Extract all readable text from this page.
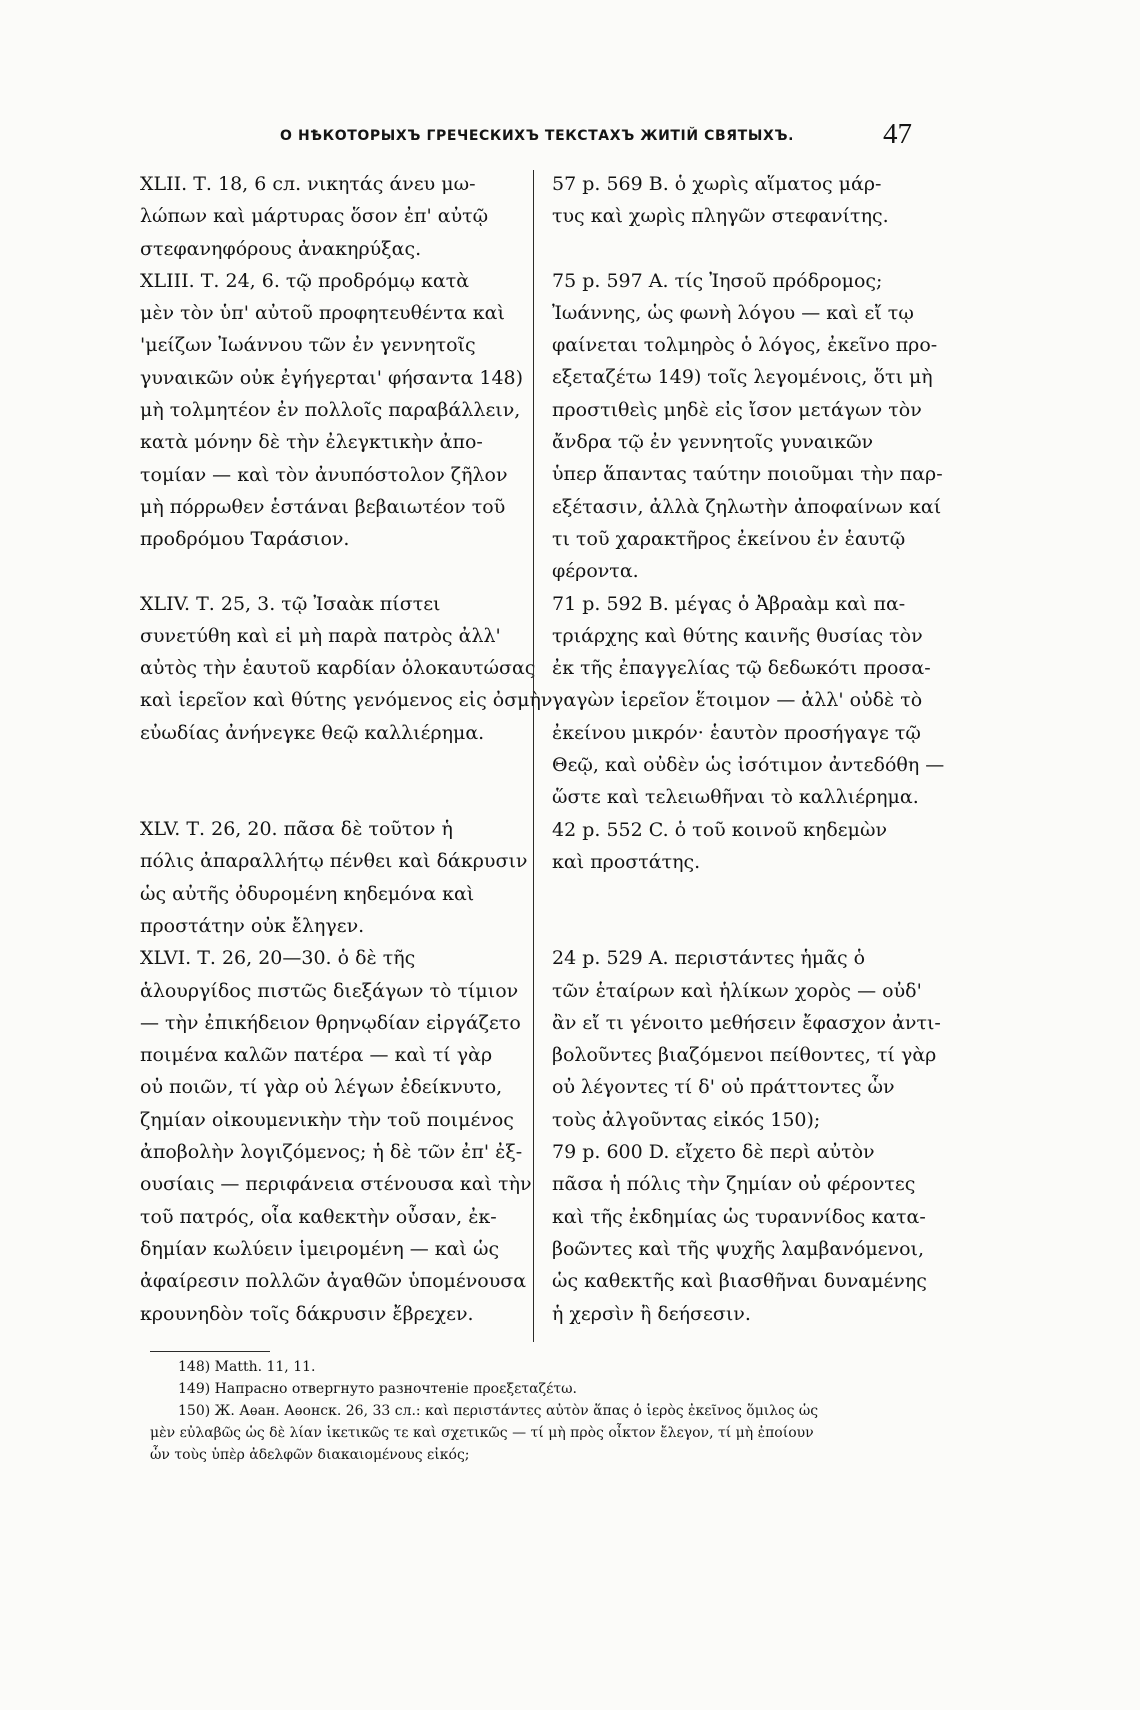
О НѢКОТОРЫХЪ ГРЕЧЕСКИХЪ ТЕКСТАХЪ ЖИТІЙ СВЯТЫХЪ.	47
XLII. Т. 18, 6 сл. νικητάς άνευ μω-
λώπων καὶ μάρτυρας ὅσον ἐπ' αὐτῷ
στεφανηφόρους ἀνακηρύξας.
XLIII. Т. 24, 6. τῷ προδρόμῳ κατὰ
μὲν τὸν ὑπ' αὐτοῦ προφητευθέντα καὶ
'μείζων Ἰωάννου τῶν ἐν γεννητοῖς
γυναικῶν οὐκ ἐγήγερται' φήσαντα 148)
μὴ τολμητέον ἐν πολλοῖς παραβάλλειν,
κατὰ μόνην δὲ τὴν ἐλεγκτικὴν ἀπο-
τομίαν — καὶ τὸν ἀνυπόστολον ζῆλον
μὴ πόρρωθεν ἑστάναι βεβαιωτέον τοῦ
προδρόμου Ταράσιον.
XLIV. Т. 25, 3. τῷ Ἰσαὰκ πίστει
συνετύθη καὶ εἰ μὴ παρὰ πατρὸς ἀλλ'
αὐτὸς τὴν ἑαυτοῦ καρδίαν ὁλοκαυτώσας
καὶ ἱερεῖον καὶ θύτης γενόμενος εἰς ὀσμὴν
εὐωδίας ἀνήνεγκε θεῷ καλλιέρημα.
XLV. Т. 26, 20. πᾶσα δὲ τοῦτον ἡ
πόλις ἀπαραλλήτῳ πένθει καὶ δάκρυσιν
ὡς αὐτῆς ὀδυρομένη κηδεμόνα καὶ
προστάτην οὐκ ἔληγεν.
XLVI. Т. 26, 20—30. ὁ δὲ τῆς
ἁλουργίδος πιστῶς διεξάγων τὸ τίμιον
— τὴν ἐπικήδειον θρηνῳδίαν εἰργάζετο
ποιμένα καλῶν πατέρα — καὶ τί γὰρ
οὐ ποιῶν, τί γὰρ οὐ λέγων ἐδείκνυτο,
ζημίαν οἰκουμενικὴν τὴν τοῦ ποιμένος
ἀποβολὴν λογιζόμενος; ἡ δὲ τῶν ἐπ' ἐξ-
ουσίαις — περιφάνεια στένουσα καὶ τὴν
τοῦ πατρός, οἷα καθεκτὴν οὖσαν, ἐκ-
δημίαν κωλύειν ἱμειρομένη — καὶ ὡς
ἀφαίρεσιν πολλῶν ἀγαθῶν ὑπομένουσα
κρουνηδὸν τοῖς δάκρυσιν ἔβρεχεν.
57 p. 569 B. ὁ χωρὶς αἵματος μάρ-
τυς καὶ χωρὶς πληγῶν στεφανίτης.
75 p. 597 A. τίς Ἰησοῦ πρόδρομος;
Ἰωάννης, ὡς φωνὴ λόγου — καὶ εἴ τῳ
φαίνεται τολμηρὸς ὁ λόγος, ἐκεῖνο προ-
εξεταζέτω 149) τοῖς λεγομένοις, ὅτι μὴ
προστιθεὶς μηδὲ εἰς ἴσον μετάγων τὸν
ἄνδρα τῷ ἐν γεννητοῖς γυναικῶν
ὑπερ ἅπαντας ταύτην ποιοῦμαι τὴν παρ-
εξέτασιν, ἀλλὰ ζηλωτὴν ἀποφαίνων καί
τι τοῦ χαρακτῆρος ἐκείνου ἐν ἑαυτῷ
φέροντα.
71 p. 592 B. μέγας ὁ Ἀβραὰμ καὶ πα-
τριάρχης καὶ θύτης καινῆς θυσίας τὸν
ἐκ τῆς ἐπαγγελίας τῷ δεδωκότι προσα-
γαγὼν ἱερεῖον ἕτοιμον — ἀλλ' οὐδὲ τὸ
ἐκείνου μικρόν· ἑαυτὸν προσήγαγε τῷ
Θεῷ, καὶ οὐδὲν ὡς ἰσότιμον ἀντεδόθη —
ὥστε καὶ τελειωθῆναι τὸ καλλιέρημα.
42 p. 552 C. ὁ τοῦ κοινοῦ κηδεμὼν
καὶ προστάτης.
24 p. 529 A. περιστάντες ἡμᾶς ὁ
τῶν ἑταίρων καὶ ἡλίκων χορὸς — οὐδ'
ἂν εἴ τι γένοιτο μεθήσειν ἔφασχον ἀντι-
βολοῦντες βιαζόμενοι πείθοντες, τί γὰρ
οὐ λέγοντες τί δ' οὐ πράττοντες ὧν
τοὺς ἀλγοῦντας εἰκός 150);
79 p. 600 D. εἴχετο δὲ περὶ αὐτὸν
πᾶσα ἡ πόλις τὴν ζημίαν οὐ φέροντες
καὶ τῆς ἐκδημίας ὡς τυραννίδος κατα-
βοῶντες καὶ τῆς ψυχῆς λαμβανόμενοι,
ὡς καθεκτῆς καὶ βιασθῆναι δυναμένης
ἡ χερσὶν ἢ δεήσεσιν.
148) Matth. 11, 11.
149) Напрасно отвергнуто разночтеніе προεξεταζέτω.
150) Ж. Аѳан. Аѳонск. 26, 33 сл.: καὶ περιστάντες αὐτὸν ἅπας ὁ ἱερὸς ἐκεῖνος ὅμιλος ὡς
μὲν εὐλαβῶς ὡς δὲ λίαν ἱκετικῶς τε καὶ σχετικῶς — τί μὴ πρὸς οἶκτον ἔλεγον, τί μὴ ἐποίουν
ὧν τοὺς ὑπὲρ ἀδελφῶν διακαιομένους εἰκός;
